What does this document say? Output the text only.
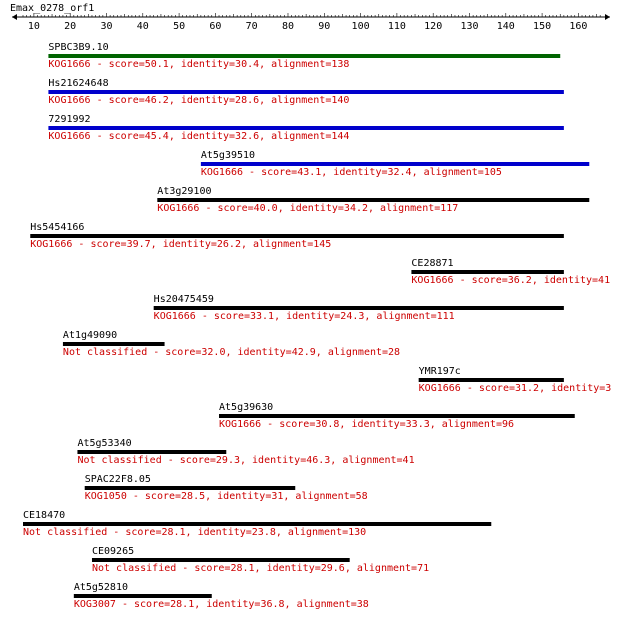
Emax_0278_orf1
10 20 30 40 50 60 70 80 90 100 110 120 130 140 150 160
SPBC3B9.10
KOG1666 - score=50.1, identity=30.4, alignment=138
Hs21624648
KOG1666 - score=46.2, identity=28.6, alignment=140
7291992
KOG1666 - score=45.4, identity=32.6, alignment=144
At5g39510
KOG1666 - score=43.1, identity=32.4, alignment=105
At3g29100
KOG1666 - score=40.0, identity=34.2, alignment=117
Hs5454166
KOG1666 - score=39.7, identity=26.2, alignment=145
CE28871
KOG1666 - score=36.2, identity=41
Hs20475459
KOG1666 - score=33.1, identity=24.3, alignment=111
At1g49090
Not classified - score=32.0, identity=42.9, alignment=28
YMR197c
KOG1666 - score=31.2, identity=3
At5g39630
KOG1666 - score=30.8, identity=33.3, alignment=96
At5g53340
Not classified - score=29.3, identity=46.3, alignment=41
SPAC22F8.05
KOG1050 - score=28.5, identity=31, alignment=58
CE18470
Not classified - score=28.1, identity=23.8, alignment=130
CE09265
Not classified - score=28.1, identity=29.6, alignment=71
At5g52810
KOG3007 - score=28.1, identity=36.8, alignment=38
